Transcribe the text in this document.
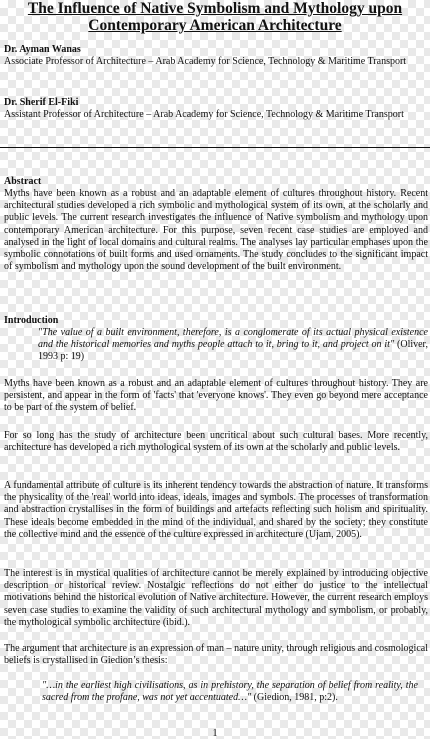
The Influence of Native Symbolism and Mythology upon
Contemporary American Architecture
Dr. Ayman Wanas
Associate Professor of Architecture – Arab Academy for Science, Technology & Maritime Transport
Dr. Sherif El-Fiki
Assistant Professor of Architecture – Arab Academy for Science, Technology & Maritime Transport
Abstract

Myths have been known as a robust and an adaptable element of cultures throughout history. Recent architectural studies developed a rich symbolic and mythological system of its own, at the scholarly and public levels. The current research investigates the influence of Native symbolism and mythology upon contemporary American architecture. For this purpose, seven recent case studies are employed and analysed in the light of local domains and cultural realms. The analyses lay particular emphases upon the symbolic connotations of built forms and used ornaments. The study concludes to the significant impact of symbolism and mythology upon the sound development of the built environment.

Introduction

"The value of a built environment, therefore, is a conglomerate of its actual physical existence and the historical memories and myths people attach to it, bring to it, and project on it" (Oliver, 1993 p: 19)

Myths have been known as a robust and an adaptable element of cultures throughout history. They are persistent, and appear in the form of 'facts' that 'everyone knows'. They even go beyond mere acceptance to be part of the system of belief.

For so long has the study of architecture been uncritical about such cultural bases. More recently, architecture has developed a rich mythological system of its own at the scholarly and public levels.

A fundamental attribute of culture is its inherent tendency towards the abstraction of nature. It transforms the physicality of the 'real' world into ideas, ideals, images and symbols. The processes of transformation and abstraction crystallises in the form of buildings and artefacts reflecting such holism and spirituality. These ideals become embedded in the mind of the individual, and shared by the society; they constitute the collective mind and the essence of the culture expressed in architecture (Ujam, 2005).

The interest is in mystical qualities of architecture cannot be merely explained by introducing objective description or historical review. Nostalgic reflections do not either do justice to the intellectual motivations behind the historical evolution of Native architecture. However, the current research employs seven case studies to examine the validity of such architectural mythology and symbolism, or probably, the mythological symbolic architecture (ibid.).

The argument that architecture is an expression of man – nature unity, through religious and cosmological beliefs is crystallised in Giedion’s thesis:

"…in the earliest high civilisations, as in prehistory, the separation of belief from reality, the sacred from the profane, was not yet accentuated…" (Giedion, 1981, p:2).

1
